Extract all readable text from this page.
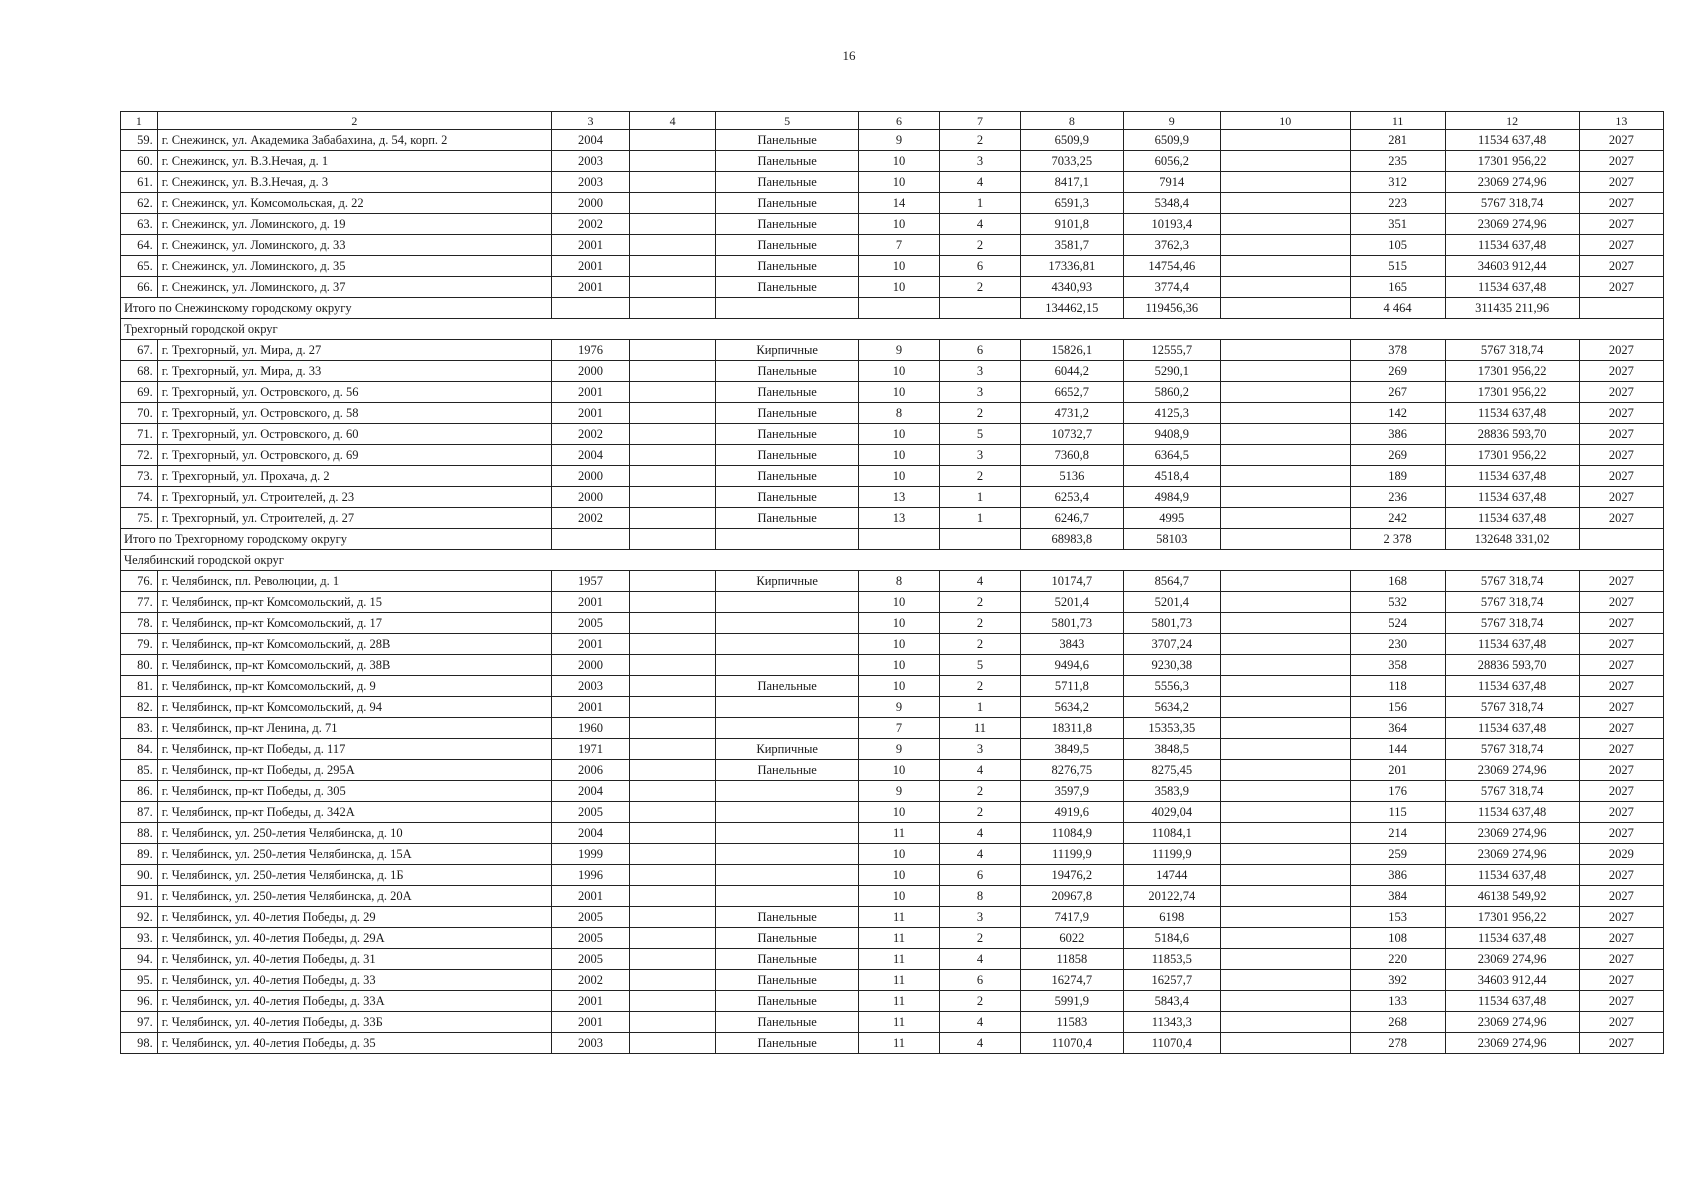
16
1	2	3	4	5	6	7	8	9	10	11	12	13
59.	г. Снежинск, ул. Академика Забабахина, д. 54, корп. 2	2004		Панельные	9	2	6509,9	6509,9		281	11534 637,48	2027
60.	г. Снежинск, ул. В.З.Нечая, д. 1	2003		Панельные	10	3	7033,25	6056,2		235	17301 956,22	2027
61.	г. Снежинск, ул. В.З.Нечая, д. 3	2003		Панельные	10	4	8417,1	7914		312	23069 274,96	2027
62.	г. Снежинск, ул. Комсомольская, д. 22	2000		Панельные	14	1	6591,3	5348,4		223	5767 318,74	2027
63.	г. Снежинск, ул. Ломинского, д. 19	2002		Панельные	10	4	9101,8	10193,4		351	23069 274,96	2027
64.	г. Снежинск, ул. Ломинского, д. 33	2001		Панельные	7	2	3581,7	3762,3		105	11534 637,48	2027
65.	г. Снежинск, ул. Ломинского, д. 35	2001		Панельные	10	6	17336,81	14754,46		515	34603 912,44	2027
66.	г. Снежинск, ул. Ломинского, д. 37	2001		Панельные	10	2	4340,93	3774,4		165	11534 637,48	2027
Итого по Снежинскому городскому округу							134462,15	119456,36		4 464	311435 211,96	
Трехгорный городской округ												
67.	г. Трехгорный, ул. Мира, д. 27	1976		Кирпичные	9	6	15826,1	12555,7		378	5767 318,74	2027
68.	г. Трехгорный, ул. Мира, д. 33	2000		Панельные	10	3	6044,2	5290,1		269	17301 956,22	2027
69.	г. Трехгорный, ул. Островского, д. 56	2001		Панельные	10	3	6652,7	5860,2		267	17301 956,22	2027
70.	г. Трехгорный, ул. Островского, д. 58	2001		Панельные	8	2	4731,2	4125,3		142	11534 637,48	2027
71.	г. Трехгорный, ул. Островского, д. 60	2002		Панельные	10	5	10732,7	9408,9		386	28836 593,70	2027
72.	г. Трехгорный, ул. Островского, д. 69	2004		Панельные	10	3	7360,8	6364,5		269	17301 956,22	2027
73.	г. Трехгорный, ул. Прохача, д. 2	2000		Панельные	10	2	5136	4518,4		189	11534 637,48	2027
74.	г. Трехгорный, ул. Строителей, д. 23	2000		Панельные	13	1	6253,4	4984,9		236	11534 637,48	2027
75.	г. Трехгорный, ул. Строителей, д. 27	2002		Панельные	13	1	6246,7	4995		242	11534 637,48	2027
Итого по Трехгорному городскому округу							68983,8	58103		2 378	132648 331,02	
Челябинский городской округ												
76.	г. Челябинск, пл. Революции, д. 1	1957		Кирпичные	8	4	10174,7	8564,7		168	5767 318,74	2027
77.	г. Челябинск, пр-кт Комсомольский, д. 15	2001			10	2	5201,4	5201,4		532	5767 318,74	2027
78.	г. Челябинск, пр-кт Комсомольский, д. 17	2005			10	2	5801,73	5801,73		524	5767 318,74	2027
79.	г. Челябинск, пр-кт Комсомольский, д. 28В	2001			10	2	3843	3707,24		230	11534 637,48	2027
80.	г. Челябинск, пр-кт Комсомольский, д. 38В	2000			10	5	9494,6	9230,38		358	28836 593,70	2027
81.	г. Челябинск, пр-кт Комсомольский, д. 9	2003		Панельные	10	2	5711,8	5556,3		118	11534 637,48	2027
82.	г. Челябинск, пр-кт Комсомольский, д. 94	2001			9	1	5634,2	5634,2		156	5767 318,74	2027
83.	г. Челябинск, пр-кт Ленина, д. 71	1960			7	11	18311,8	15353,35		364	11534 637,48	2027
84.	г. Челябинск, пр-кт Победы, д. 117	1971		Кирпичные	9	3	3849,5	3848,5		144	5767 318,74	2027
85.	г. Челябинск, пр-кт Победы, д. 295А	2006		Панельные	10	4	8276,75	8275,45		201	23069 274,96	2027
86.	г. Челябинск, пр-кт Победы, д. 305	2004			9	2	3597,9	3583,9		176	5767 318,74	2027
87.	г. Челябинск, пр-кт Победы, д. 342А	2005			10	2	4919,6	4029,04		115	11534 637,48	2027
88.	г. Челябинск, ул. 250-летия Челябинска, д. 10	2004			11	4	11084,9	11084,1		214	23069 274,96	2027
89.	г. Челябинск, ул. 250-летия Челябинска, д. 15А	1999			10	4	11199,9	11199,9		259	23069 274,96	2029
90.	г. Челябинск, ул. 250-летия Челябинска, д. 1Б	1996			10	6	19476,2	14744		386	11534 637,48	2027
91.	г. Челябинск, ул. 250-летия Челябинска, д. 20А	2001			10	8	20967,8	20122,74		384	46138 549,92	2027
92.	г. Челябинск, ул. 40-летия Победы, д. 29	2005		Панельные	11	3	7417,9	6198		153	17301 956,22	2027
93.	г. Челябинск, ул. 40-летия Победы, д. 29А	2005		Панельные	11	2	6022	5184,6		108	11534 637,48	2027
94.	г. Челябинск, ул. 40-летия Победы, д. 31	2005		Панельные	11	4	11858	11853,5		220	23069 274,96	2027
95.	г. Челябинск, ул. 40-летия Победы, д. 33	2002		Панельные	11	6	16274,7	16257,7		392	34603 912,44	2027
96.	г. Челябинск, ул. 40-летия Победы, д. 33А	2001		Панельные	11	2	5991,9	5843,4		133	11534 637,48	2027
97.	г. Челябинск, ул. 40-летия Победы, д. 33Б	2001		Панельные	11	4	11583	11343,3		268	23069 274,96	2027
98.	г. Челябинск, ул. 40-летия Победы, д. 35	2003		Панельные	11	4	11070,4	11070,4		278	23069 274,96	2027
